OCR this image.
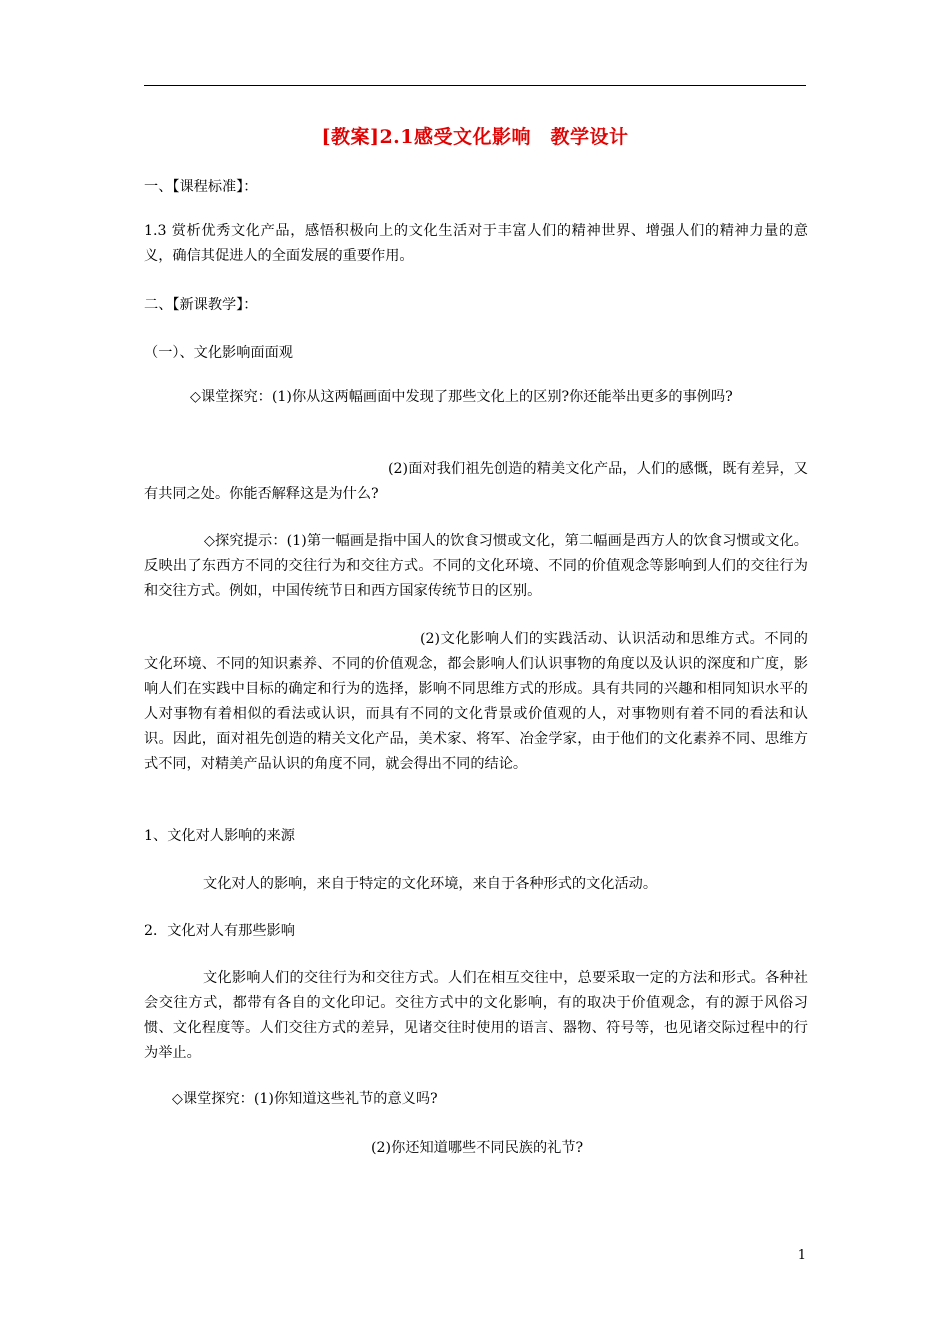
[教案]2.1感受文化影响　教学设计
一、【课程标准】：
1.3 赏析优秀文化产品，感悟积极向上的文化生活对于丰富人们的精神世界、增强人们的精神力量的意义，确信其促进人的全面发展的重要作用。
二、【新课教学】：
（一）、文化影响面面观
◇课堂探究：(1)你从这两幅画面中发现了那些文化上的区别?你还能举出更多的事例吗?
(2)面对我们祖先创造的精美文化产品，人们的感慨，既有差异，又有共同之处。你能否解释这是为什么?
◇探究提示：(1)第一幅画是指中国人的饮食习惯或文化，第二幅画是西方人的饮食习惯或文化。反映出了东西方不同的交往行为和交往方式。不同的文化环境、不同的价值观念等影响到人们的交往行为和交往方式。例如，中国传统节日和西方国家传统节日的区别。
(2)文化影响人们的实践活动、认识活动和思维方式。不同的文化环境、不同的知识素养、不同的价值观念，都会影响人们认识事物的角度以及认识的深度和广度，影响人们在实践中目标的确定和行为的选择，影响不同思维方式的形成。具有共同的兴趣和相同知识水平的人对事物有着相似的看法或认识，而具有不同的文化背景或价值观的人，对事物则有着不同的看法和认识。因此，面对祖先创造的精关文化产品，美术家、将军、冶金学家，由于他们的文化素养不同、思维方式不同，对精美产品认识的角度不同，就会得出不同的结论。
1、文化对人影响的来源
文化对人的影响，来自于特定的文化环境，来自于各种形式的文化活动。
2．文化对人有那些影响
文化影响人们的交往行为和交往方式。人们在相互交往中，总要采取一定的方法和形式。各种社会交往方式，都带有各自的文化印记。交往方式中的文化影响，有的取决于价值观念，有的源于风俗习惯、文化程度等。人们交往方式的差异，见诸交往时使用的语言、器物、符号等，也见诸交际过程中的行为举止。
◇课堂探究：(1)你知道这些礼节的意义吗?
(2)你还知道哪些不同民族的礼节?
1
